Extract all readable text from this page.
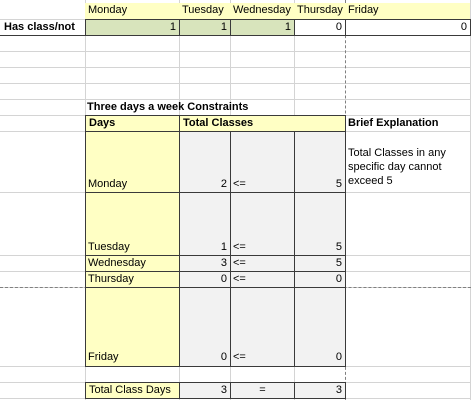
Monday	Tuesday Wednesday Thursday Friday
Has class/not	1	1	1	0	0
Three days a week Constraints
Days	Total Classes	Brief Explanation
Monday	2 <=	5
Total Classes in any specific day cannot exceed 5
Tuesday	1 <=	5
Wednesday	3 <=	5
Thursday	0 <=	0
Friday	0 <=	0
Total Class Days	3	=	3
